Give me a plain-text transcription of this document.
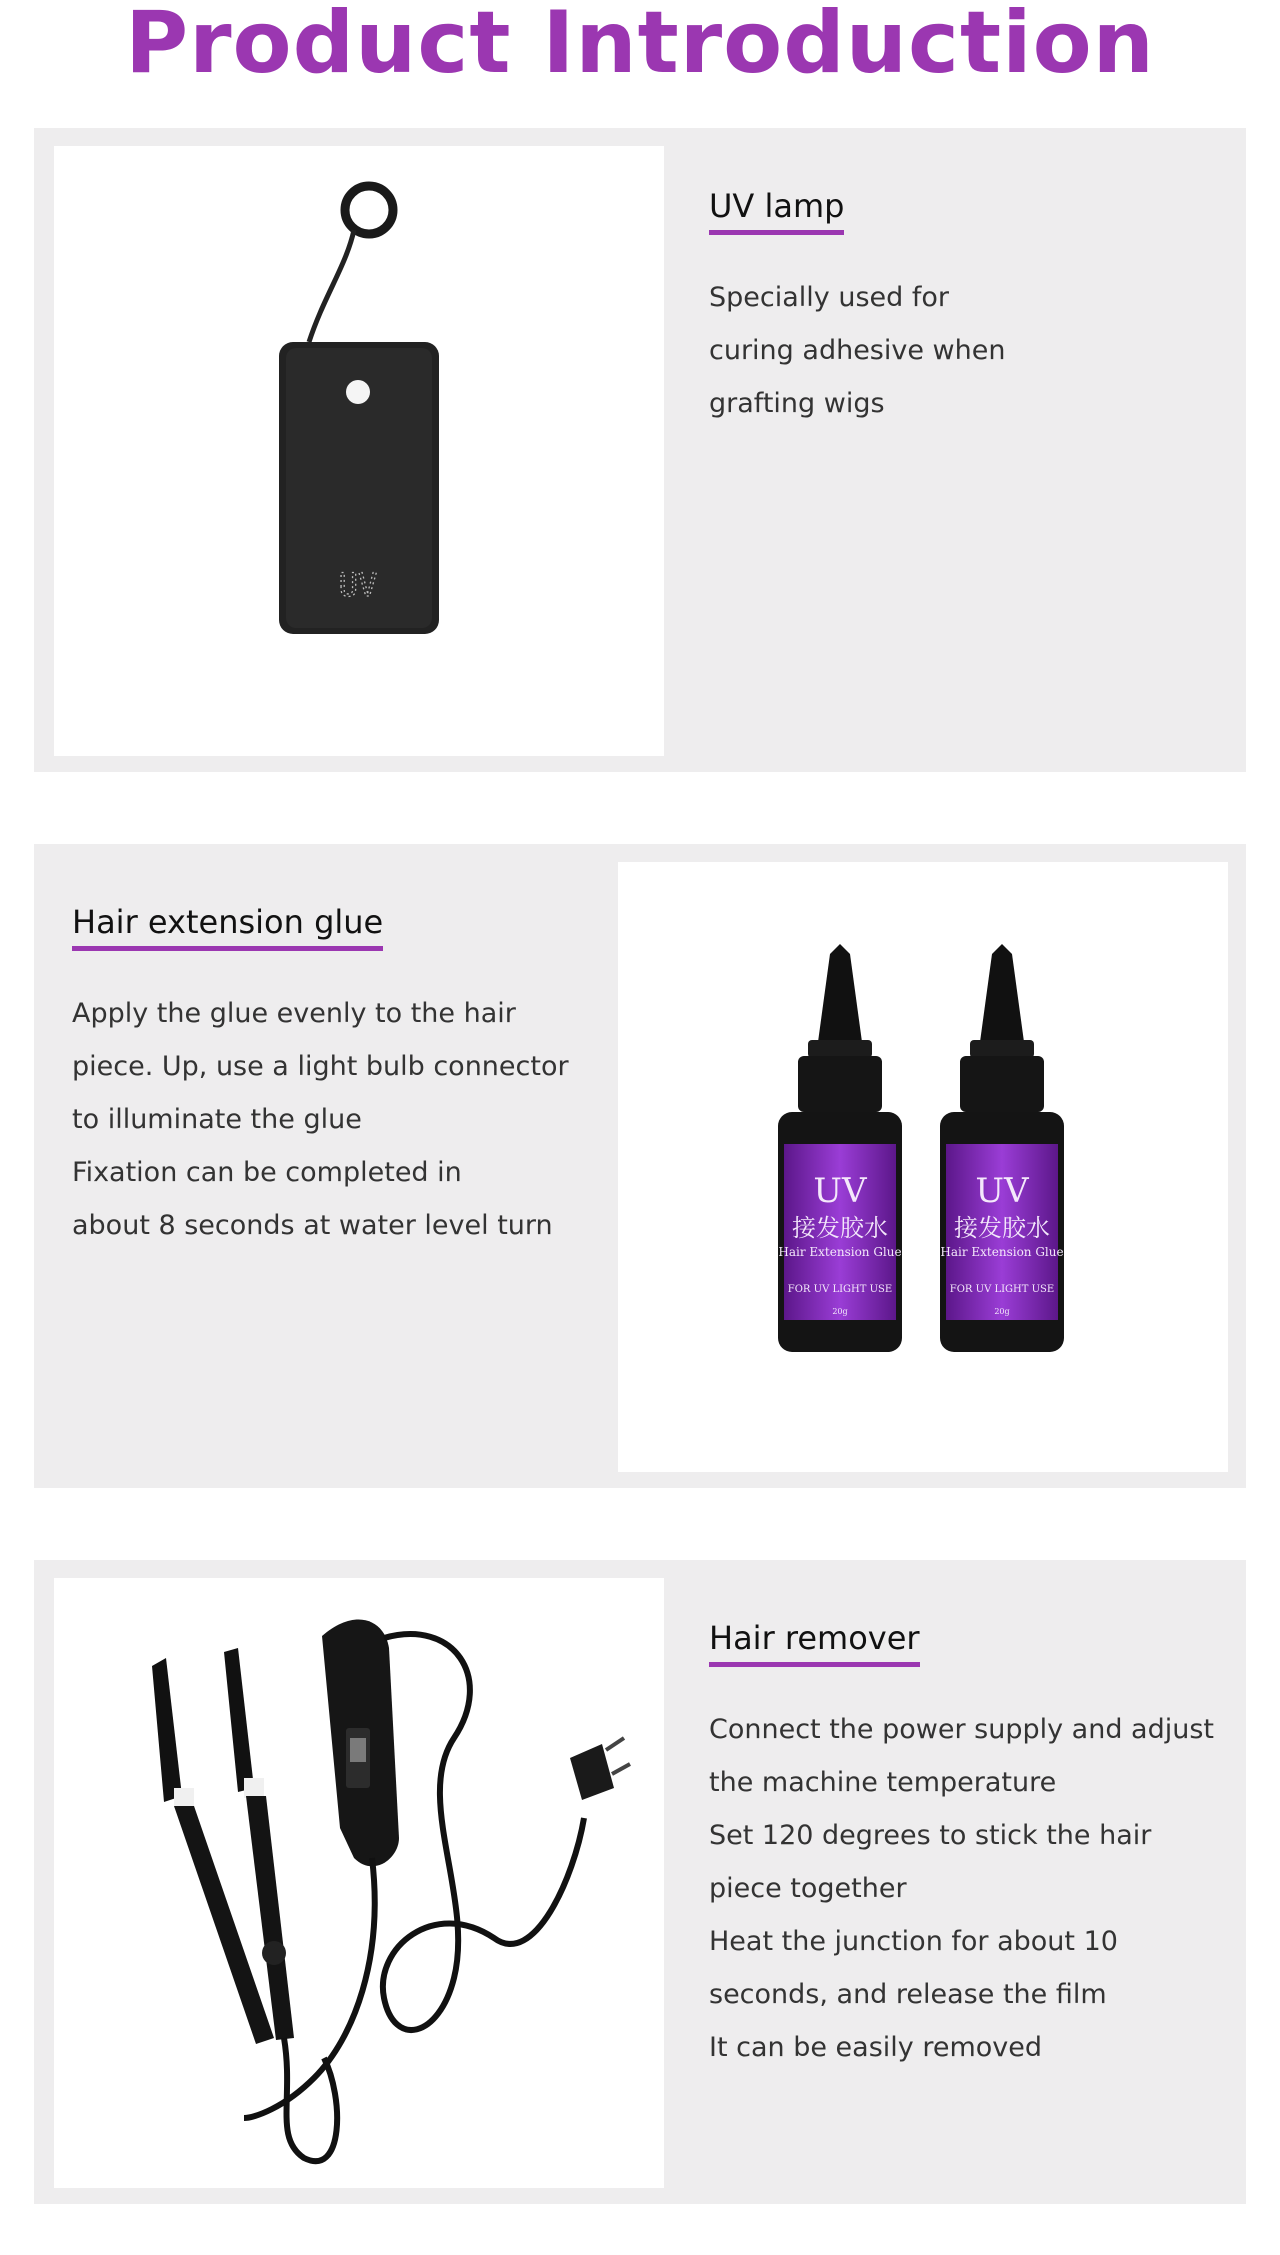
Product Introduction
UV
UV lamp
Specially used for
curing adhesive when
grafting wigs
Hair extension glue
Apply the glue evenly to the hair
piece. Up, use a light bulb connector
to illuminate the glue
Fixation can be completed in
about 8 seconds at water level turn
UV
接发胶水
Hair Extension Glue
FOR UV LIGHT USE
20g
UV
接发胶水
Hair Extension Glue
FOR UV LIGHT USE
20g
Hair remover
Connect the power supply and adjust
the machine temperature
Set 120 degrees to stick the hair
piece together
Heat the junction for about 10
seconds, and release the film
It can be easily removed
